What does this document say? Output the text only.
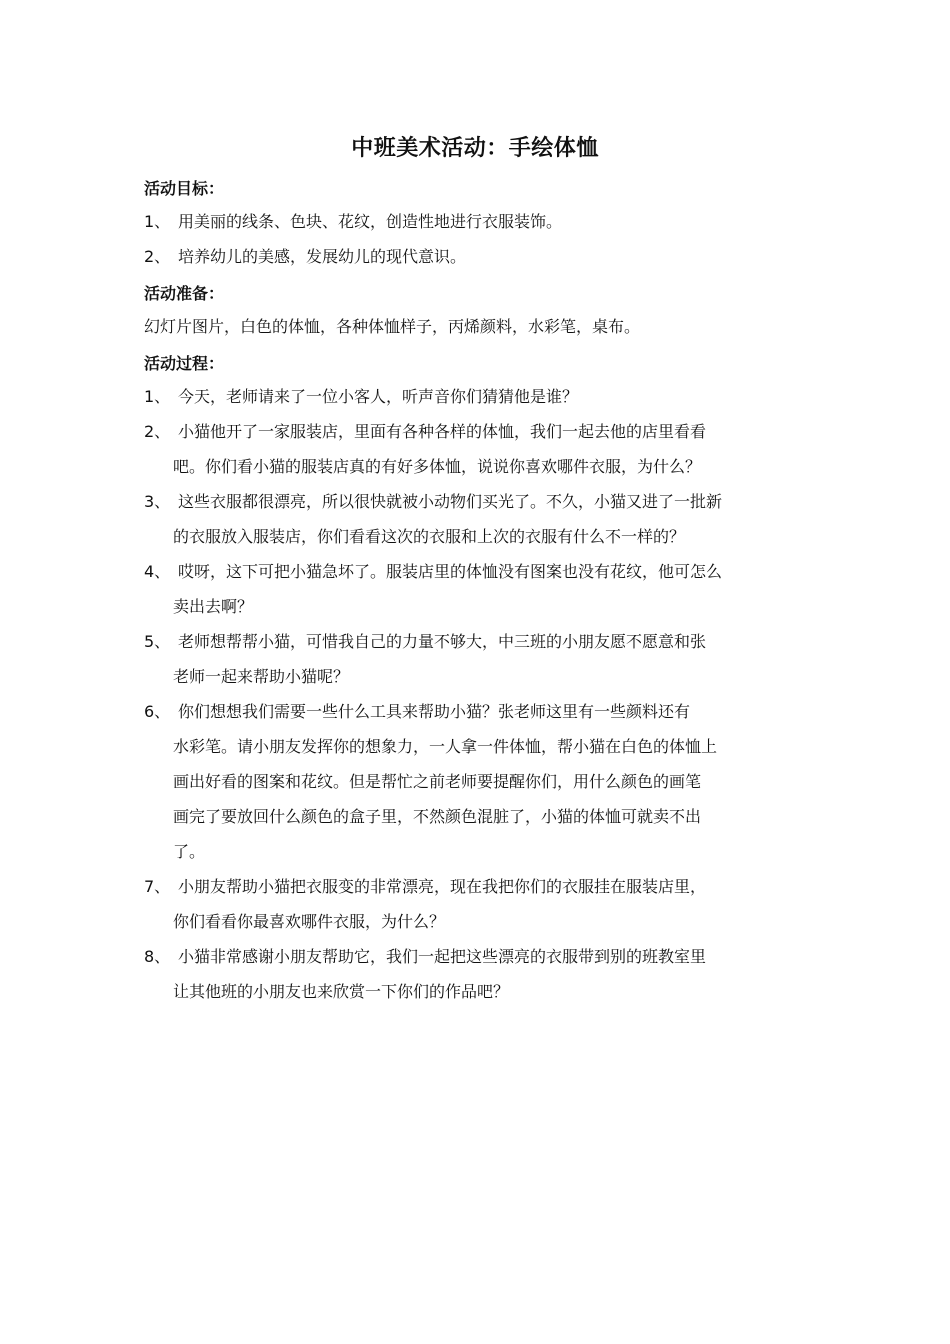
中班美术活动：手绘体恤
活动目标：
1、 用美丽的线条、色块、花纹，创造性地进行衣服装饰。
2、 培养幼儿的美感，发展幼儿的现代意识。
活动准备：
幻灯片图片，白色的体恤，各种体恤样子，丙烯颜料，水彩笔，桌布。
活动过程：
1、 今天，老师请来了一位小客人，听声音你们猜猜他是谁？
2、 小猫他开了一家服装店，里面有各种各样的体恤，我们一起去他的店里看看
吧。你们看小猫的服装店真的有好多体恤，说说你喜欢哪件衣服，为什么？
3、 这些衣服都很漂亮，所以很快就被小动物们买光了。不久，小猫又进了一批新
的衣服放入服装店，你们看看这次的衣服和上次的衣服有什么不一样的？
4、 哎呀，这下可把小猫急坏了。服装店里的体恤没有图案也没有花纹，他可怎么
卖出去啊？
5、 老师想帮帮小猫，可惜我自己的力量不够大，中三班的小朋友愿不愿意和张
老师一起来帮助小猫呢？
6、 你们想想我们需要一些什么工具来帮助小猫？张老师这里有一些颜料还有
水彩笔。请小朋友发挥你的想象力，一人拿一件体恤，帮小猫在白色的体恤上
画出好看的图案和花纹。但是帮忙之前老师要提醒你们，用什么颜色的画笔
画完了要放回什么颜色的盒子里，不然颜色混脏了，小猫的体恤可就卖不出
了。
7、 小朋友帮助小猫把衣服变的非常漂亮，现在我把你们的衣服挂在服装店里，
你们看看你最喜欢哪件衣服，为什么？
8、 小猫非常感谢小朋友帮助它，我们一起把这些漂亮的衣服带到别的班教室里
让其他班的小朋友也来欣赏一下你们的作品吧？
